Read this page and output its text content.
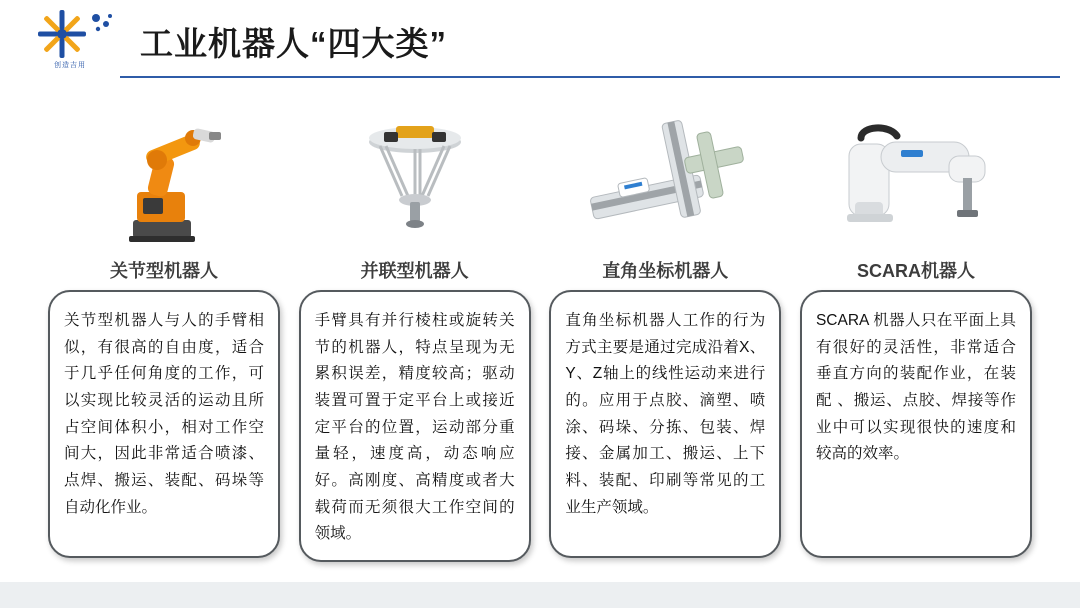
创造吉用
工业机器人“四大类”
关节型机器人
关节型机器人与人的手臂相似，有很高的自由度，适合于几乎任何角度的工作，可以实现比较灵活的运动且所占空间体积小，相对工作空间大，因此非常适合喷漆、点焊、搬运、装配、码垛等自动化作业。
并联型机器人
手臂具有并行棱柱或旋转关节的机器人，特点呈现为无累积误差，精度较高；驱动装置可置于定平台上或接近定平台的位置，运动部分重量轻，速度高，动态响应好。高刚度、高精度或者大载荷而无须很大工作空间的领域。
直角坐标机器人
直角坐标机器人工作的行为方式主要是通过完成沿着X、Y、Z轴上的线性运动来进行的。应用于点胶、滴塑、喷涂、码垛、分拣、包装、焊接、金属加工、搬运、上下料、装配、印刷等常见的工业生产领域。
SCARA机器人
SCARA 机器人只在平面上具有很好的灵活性，非常适合垂直方向的装配作业，在装配 、搬运、点胶、焊接等作业中可以实现很快的速度和较高的效率。
